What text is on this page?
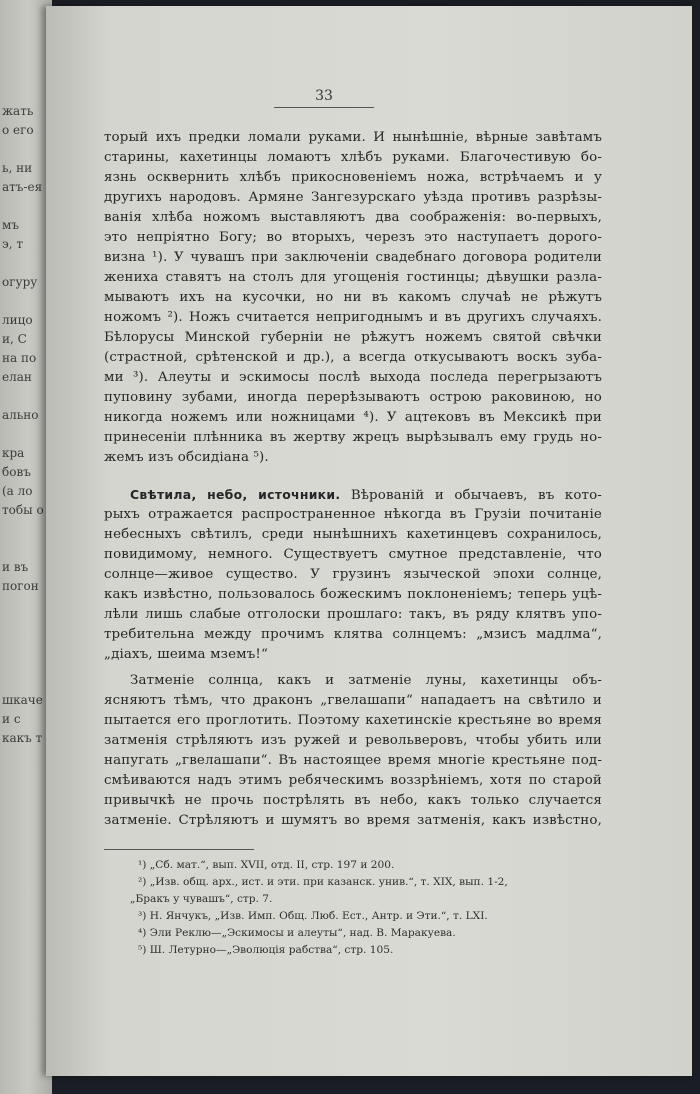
жать
о его
ь, ни
атъ-ея
мъ
э, т
огуру
лицо
и, С
на по
елан
ально
кра
бовъ
(а ло
тобы о
и въ
погон
шкаче
и с
какъ т
33
торый ихъ предки ломали руками. И нынѣшніе, вѣрные завѣтамъ
старины, кахетинцы ломаютъ хлѣбъ руками. Благочестивую бо-
язнь осквернить хлѣбъ прикосновеніемъ ножа, встрѣчаемъ и у
другихъ народовъ. Армяне Зангезурскаго уѣзда противъ разрѣзы-
ванія хлѣба ножомъ выставляютъ два соображенія: во-первыхъ,
это непріятно Богу; во вторыхъ, черезъ это наступаетъ дорого-
визна ¹). У чувашъ при заключеніи свадебнаго договора родители
жениха ставятъ на столъ для угощенія гостинцы; дѣвушки разла-
мываютъ ихъ на кусочки, но ни въ какомъ случаѣ не рѣжутъ
ножомъ ²). Ножъ считается непригоднымъ и въ другихъ случаяхъ.
Бѣлорусы Минской губерніи не рѣжутъ ножемъ святой свѣчки
(страстной, срѣтенской и др.), а всегда откусываютъ воскъ зуба-
ми ³). Алеуты и эскимосы послѣ выхода последа перегрызаютъ
пуповину зубами, иногда перерѣзываютъ острою раковиною, но
никогда ножемъ или ножницами ⁴). У ацтековъ въ Мексикѣ при
принесеніи плѣнника въ жертву жрецъ вырѣзывалъ ему грудь но-
жемъ изъ обсидіана ⁵).
Свѣтила, небо, источники. Вѣрованій и обычаевъ, въ кото-
рыхъ отражается распространенное нѣкогда въ Грузіи почитаніе
небесныхъ свѣтилъ, среди нынѣшнихъ кахетинцевъ сохранилось,
повидимому, немного. Существуетъ смутное представленіе, что
солнце—живое существо. У грузинъ языческой эпохи солнце,
какъ извѣстно, пользовалось божескимъ поклоненіемъ; теперь уцѣ-
лѣли лишь слабые отголоски прошлаго: такъ, въ ряду клятвъ упо-
требительна между прочимъ клятва солнцемъ: „мзисъ мадлма“,
„діахъ, шеима мземъ!“
Затменіе солнца, какъ и затменіе луны, кахетинцы объ-
ясняютъ тѣмъ, что драконъ „гвелашапи“ нападаетъ на свѣтило и
пытается его проглотить. Поэтому кахетинскіе крестьяне во время
затменія стрѣляютъ изъ ружей и револьверовъ, чтобы убить или
напугать „гвелашапи“. Въ настоящее время многіе крестьяне под-
смѣиваются надъ этимъ ребяческимъ воззрѣніемъ, хотя по старой
привычкѣ не прочь пострѣлять въ небо, какъ только случается
затменіе. Стрѣляютъ и шумятъ во время затменія, какъ извѣстно,
¹) „Сб. мат.“, вып. XVII, отд. II, стр. 197 и 200.
²) „Изв. общ. арх., ист. и эти. при казанск. унив.“, т. XIX, вып. 1-2,
„Бракъ у чувашъ“, стр. 7.
³) Н. Янчукъ, „Изв. Имп. Общ. Люб. Ест., Антр. и Эти.“, т. LXI.
⁴) Эли Реклю—„Эскимосы и алеуты“, над. В. Маракуева.
⁵) Ш. Летурно—„Эволюція рабства“, стр. 105.
